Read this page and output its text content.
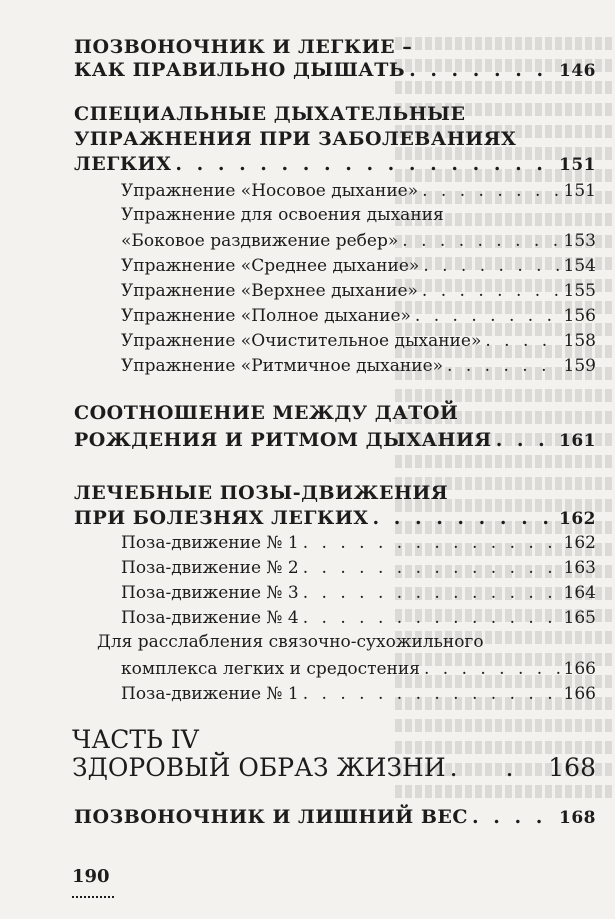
ПОЗВОНОЧНИК И ЛЕГКИЕ –
КАК ПРАВИЛЬНО ДЫШАТЬ . . .	146
СПЕЦИАЛЬНЫЕ ДЫХАТЕЛЬНЫЕ
УПРАЖНЕНИЯ ПРИ ЗАБОЛЕВАНИЯХ
ЛЕГКИХ . . .	151
Упражнение «Носовое дыхание» . . .	151
Упражнение для освоения дыхания
«Боковое раздвижение ребер» . . .	153
Упражнение «Среднее дыхание» . . .	154
Упражнение «Верхнее дыхание» . . .	155
Упражнение «Полное дыхание» . . .	156
Упражнение «Очистительное дыхание» . . .	158
Упражнение «Ритмичное дыхание» . . .	159
СООТНОШЕНИЕ МЕЖДУ ДАТОЙ
РОЖДЕНИЯ И РИТМОМ ДЫХАНИЯ . . .	161
ЛЕЧЕБНЫЕ ПОЗЫ-ДВИЖЕНИЯ
ПРИ БОЛЕЗНЯХ ЛЕГКИХ . . .	162
Поза-движение № 1 . . .	162
Поза-движение № 2 . . .	163
Поза-движение № 3 . . .	164
Поза-движение № 4 . . .	165
Для расслабления связочно-сухожильного
комплекса легких и средостения . . .	166
Поза-движение № 1 . . .	166
ЧАСТЬ IV
ЗДОРОВЫЙ ОБРАЗ ЖИЗНИ . . .	168
ПОЗВОНОЧНИК И ЛИШНИЙ ВЕС . . .	168
190
